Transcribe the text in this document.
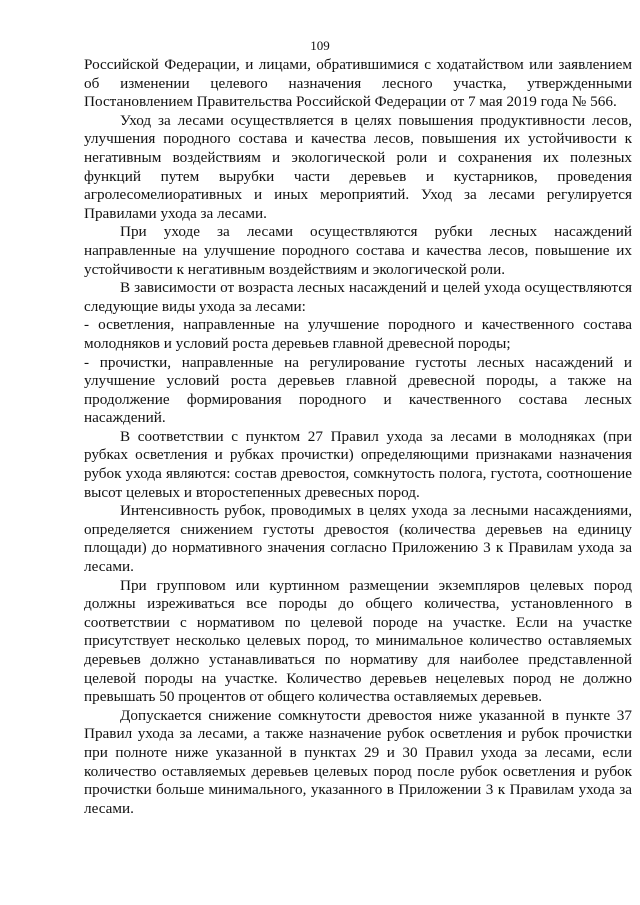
109

Российской Федерации, и лицами, обратившимися с ходатайством или заявлением об изменении целевого назначения лесного участка, утвержденными Постановлением Правительства Российской Федерации от 7 мая 2019 года № 566.

Уход за лесами осуществляется в целях повышения продуктивности лесов, улучшения породного состава и качества лесов, повышения их устойчивости к негативным воздействиям и экологической роли и сохранения их полезных функций путем вырубки части деревьев и кустарников, проведения агролесомелиоративных и иных мероприятий. Уход за лесами регулируется Правилами ухода за лесами.

При уходе за лесами осуществляются рубки лесных насаждений направленные на улучшение породного состава и качества лесов, повышение их устойчивости к негативным воздействиям и экологической роли.

В зависимости от возраста лесных насаждений и целей ухода осуществляются следующие виды ухода за лесами:

- осветления, направленные на улучшение породного и качественного состава молодняков и условий роста деревьев главной древесной породы;

- прочистки, направленные на регулирование густоты лесных насаждений и улучшение условий роста деревьев главной древесной породы, а также на продолжение формирования породного и качественного состава лесных насаждений.

В соответствии с пунктом 27 Правил ухода за лесами в молодняках (при рубках осветления и рубках прочистки) определяющими признаками назначения рубок ухода являются: состав древостоя, сомкнутость полога, густота, соотношение высот целевых и второстепенных древесных пород.

Интенсивность рубок, проводимых в целях ухода за лесными насаждениями, определяется снижением густоты древостоя (количества деревьев на единицу площади) до нормативного значения согласно Приложению 3 к Правилам ухода за лесами.

При групповом или куртинном размещении экземпляров целевых пород должны изреживаться все породы до общего количества, установленного в соответствии с нормативом по целевой породе на участке. Если на участке присутствует несколько целевых пород, то минимальное количество оставляемых деревьев должно устанавливаться по нормативу для наиболее представленной целевой породы на участке. Количество деревьев нецелевых пород не должно превышать 50 процентов от общего количества оставляемых деревьев.

Допускается снижение сомкнутости древостоя ниже указанной в пункте 37 Правил ухода за лесами, а также назначение рубок осветления и рубок прочистки при полноте ниже указанной в пунктах 29 и 30 Правил ухода за лесами, если количество оставляемых деревьев целевых пород после рубок осветления и рубок прочистки больше минимального, указанного в Приложении 3 к Правилам ухода за лесами.
